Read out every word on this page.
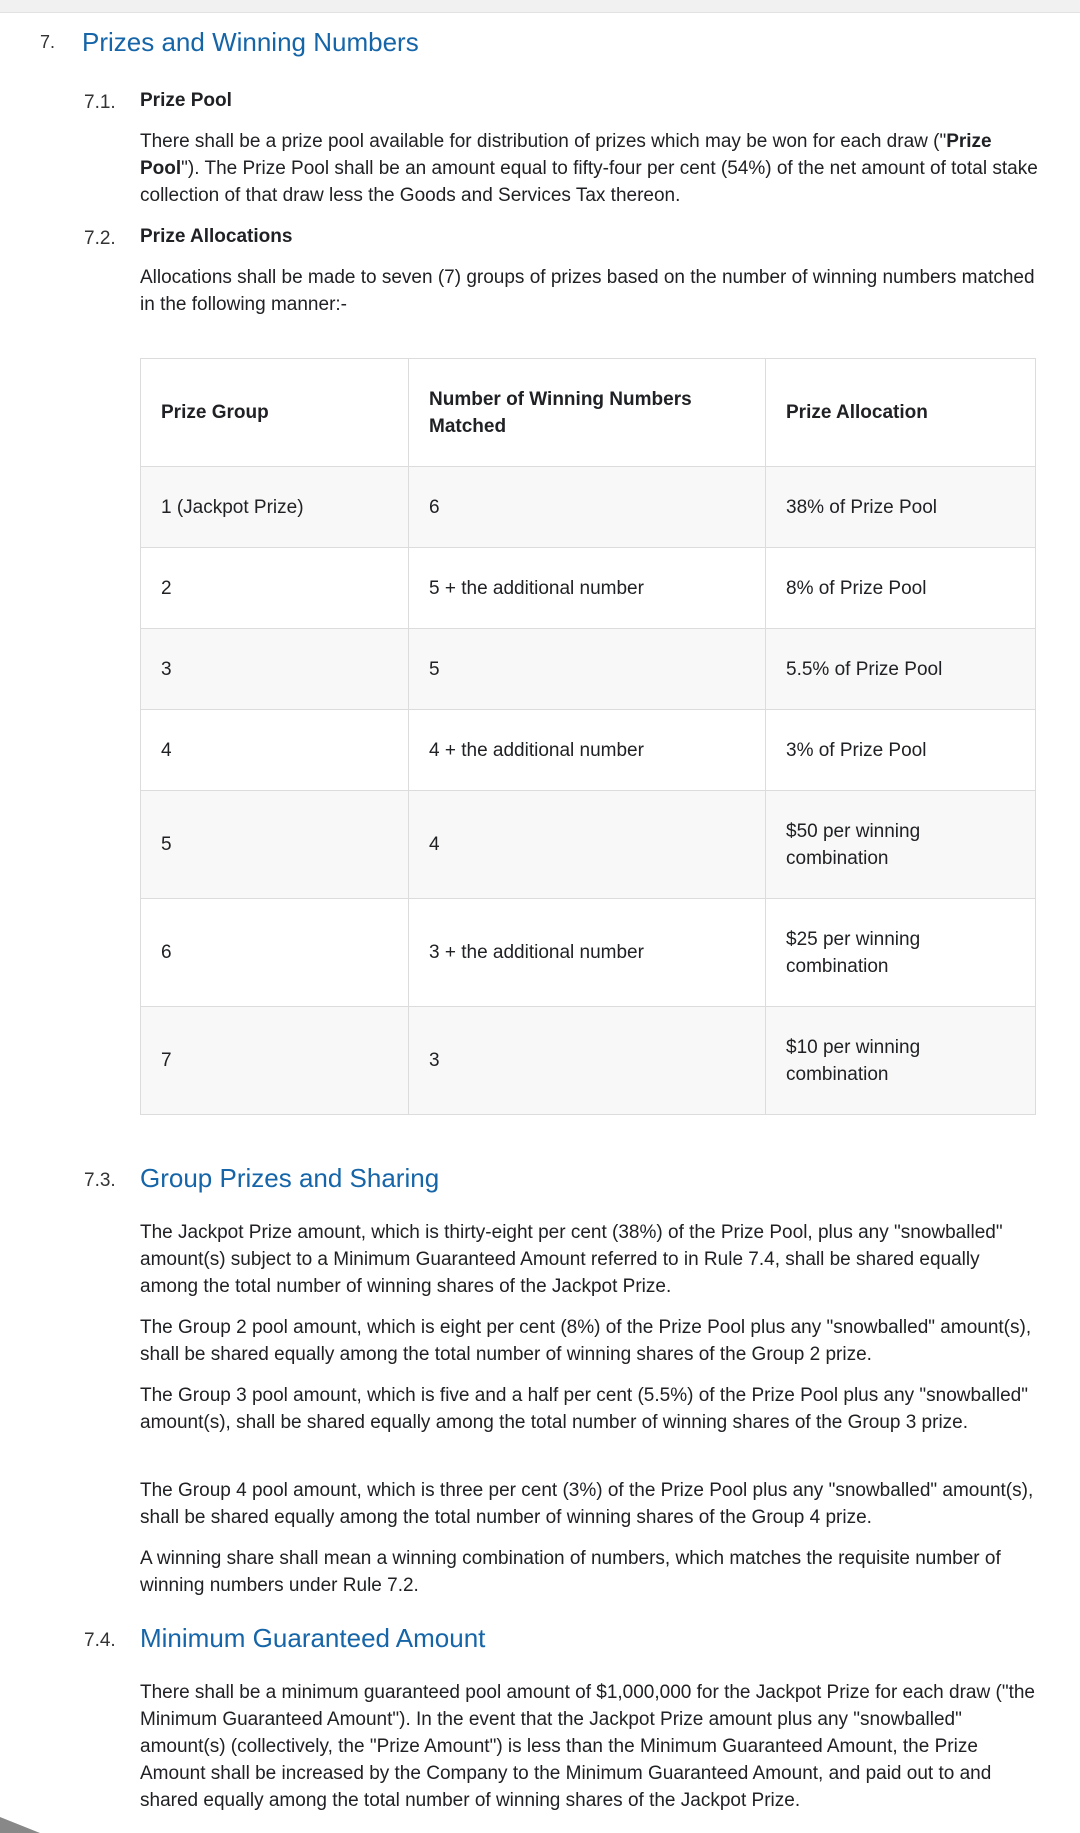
7. Prizes and Winning Numbers
7.1. Prize Pool

There shall be a prize pool available for distribution of prizes which may be won for each draw ("Prize Pool"). The Prize Pool shall be an amount equal to fifty-four per cent (54%) of the net amount of total stake collection of that draw less the Goods and Services Tax thereon.

7.2. Prize Allocations

Allocations shall be made to seven (7) groups of prizes based on the number of winning numbers matched in the following manner:-

Prize Group	Number of Winning Numbers Matched	Prize Allocation
1 (Jackpot Prize)	6	38% of Prize Pool
2	5 + the additional number	8% of Prize Pool
3	5	5.5% of Prize Pool
4	4 + the additional number	3% of Prize Pool
5	4	$50 per winning combination
6	3 + the additional number	$25 per winning combination
7	3	$10 per winning combination
7.3. Group Prizes and Sharing

The Jackpot Prize amount, which is thirty-eight per cent (38%) of the Prize Pool, plus any "snowballed" amount(s) subject to a Minimum Guaranteed Amount referred to in Rule 7.4, shall be shared equally among the total number of winning shares of the Jackpot Prize.

The Group 2 pool amount, which is eight per cent (8%) of the Prize Pool plus any "snowballed" amount(s), shall be shared equally among the total number of winning shares of the Group 2 prize.

The Group 3 pool amount, which is five and a half per cent (5.5%) of the Prize Pool plus any "snowballed" amount(s), shall be shared equally among the total number of winning shares of the Group 3 prize.

The Group 4 pool amount, which is three per cent (3%) of the Prize Pool plus any "snowballed" amount(s), shall be shared equally among the total number of winning shares of the Group 4 prize.

A winning share shall mean a winning combination of numbers, which matches the requisite number of winning numbers under Rule 7.2.

7.4. Minimum Guaranteed Amount

There shall be a minimum guaranteed pool amount of $1,000,000 for the Jackpot Prize for each draw ("the Minimum Guaranteed Amount"). In the event that the Jackpot Prize amount plus any "snowballed" amount(s) (collectively, the "Prize Amount") is less than the Minimum Guaranteed Amount, the Prize Amount shall be increased by the Company to the Minimum Guaranteed Amount, and paid out to and shared equally among the total number of winning shares of the Jackpot Prize.
